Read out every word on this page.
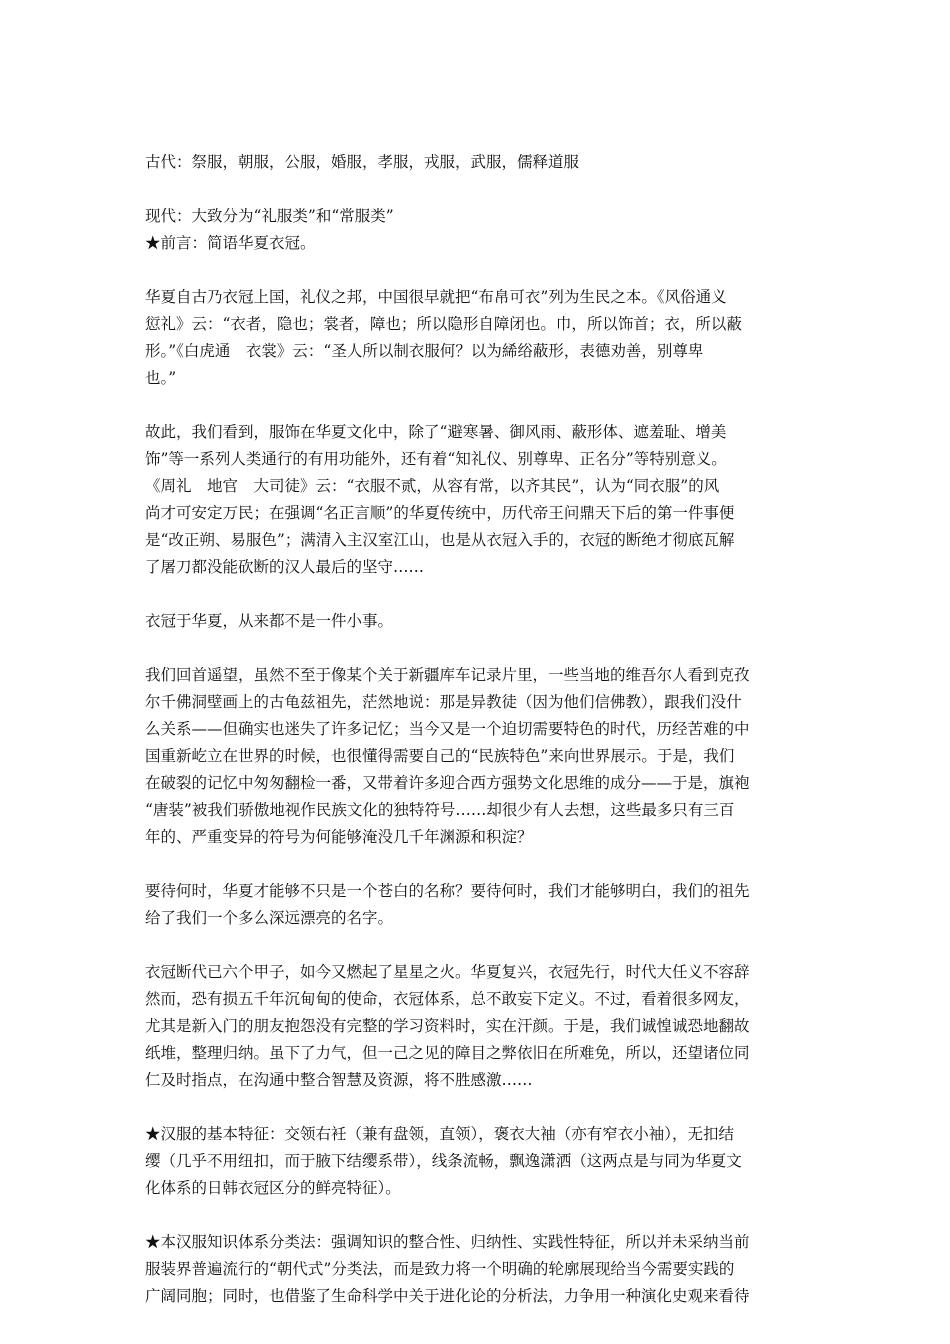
古代：祭服，朝服，公服，婚服，孝服，戎服，武服，儒释道服
现代：大致分为“礼服类”和“常服类”
★前言：简语华夏衣冠。
华夏自古乃衣冠上国，礼仪之邦，中国很早就把“布帛可衣”列为生民之本。《风俗通义
愆礼》云：“衣者，隐也；裳者，障也；所以隐形自障闭也。巾，所以饰首；衣，所以蔽
形。”《白虎通　衣裳》云：“圣人所以制衣服何？以为絺绤蔽形，表德劝善，别尊卑
也。”
故此，我们看到，服饰在华夏文化中，除了“避寒暑、御风雨、蔽形体、遮羞耻、增美
饰”等一系列人类通行的有用功能外，还有着“知礼仪、别尊卑、正名分”等特别意义。
《周礼　地官　大司徒》云：“衣服不贰，从容有常，以齐其民”，认为“同衣服”的风
尚才可安定万民；在强调“名正言顺”的华夏传统中，历代帝王问鼎天下后的第一件事便
是“改正朔、易服色”；满清入主汉室江山，也是从衣冠入手的，衣冠的断绝才彻底瓦解
了屠刀都没能砍断的汉人最后的坚守……
衣冠于华夏，从来都不是一件小事。
我们回首遥望，虽然不至于像某个关于新疆库车记录片里，一些当地的维吾尔人看到克孜
尔千佛洞壁画上的古龟兹祖先，茫然地说：那是异教徒（因为他们信佛教），跟我们没什
么关系——但确实也迷失了许多记忆；当今又是一个迫切需要特色的时代，历经苦难的中
国重新屹立在世界的时候，也很懂得需要自己的“民族特色”来向世界展示。于是，我们
在破裂的记忆中匆匆翻检一番，又带着许多迎合西方强势文化思维的成分——于是，旗袍
“唐装”被我们骄傲地视作民族文化的独特符号……却很少有人去想，这些最多只有三百
年的、严重变异的符号为何能够淹没几千年渊源和积淀？
要待何时，华夏才能够不只是一个苍白的名称？要待何时，我们才能够明白，我们的祖先
给了我们一个多么深远漂亮的名字。
衣冠断代已六个甲子，如今又燃起了星星之火。华夏复兴，衣冠先行，时代大任义不容辞
然而，恐有损五千年沉甸甸的使命，衣冠体系，总不敢妄下定义。不过，看着很多网友，
尤其是新入门的朋友抱怨没有完整的学习资料时，实在汗颜。于是，我们诚惶诚恐地翻故
纸堆，整理归纳。虽下了力气，但一己之见的障目之弊依旧在所难免，所以，还望诸位同
仁及时指点，在沟通中整合智慧及资源，将不胜感激……
★汉服的基本特征：交领右衽（兼有盘领，直领），褒衣大袖（亦有窄衣小袖），无扣结
缨（几乎不用纽扣，而于腋下结缨系带），线条流畅，飘逸潇洒（这两点是与同为华夏文
化体系的日韩衣冠区分的鲜亮特征）。
★本汉服知识体系分类法：强调知识的整合性、归纳性、实践性特征，所以并未采纳当前
服装界普遍流行的“朝代式”分类法，而是致力将一个明确的轮廓展现给当今需要实践的
广阔同胞；同时，也借鉴了生命科学中关于进化论的分析法，力争用一种演化史观来看待
